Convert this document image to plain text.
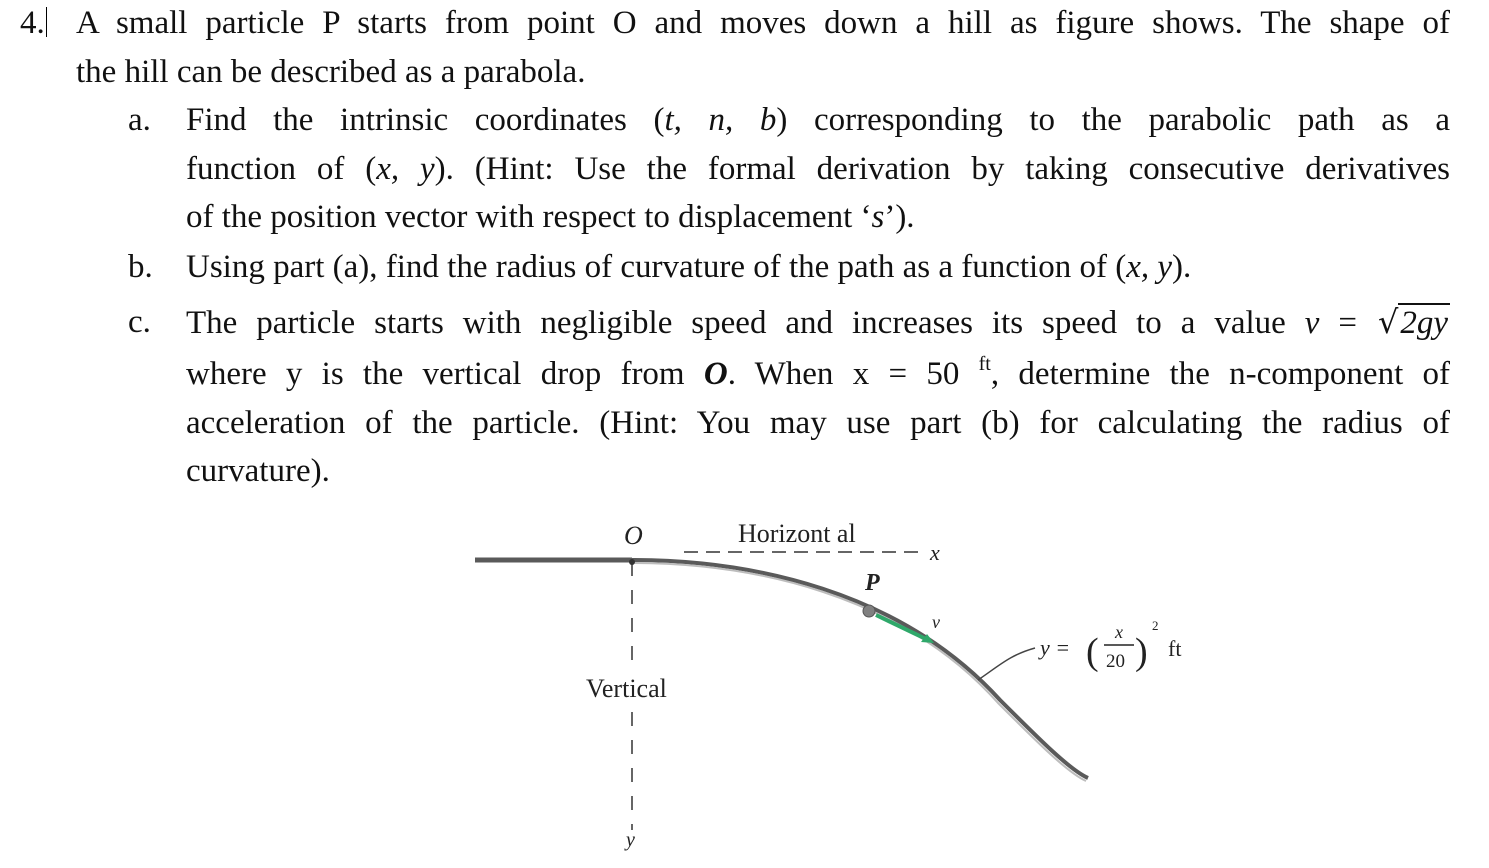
4. A small particle P starts from point O and moves down a hill as figure shows. The shape of
the hill can be described as a parabola.
a. Find the intrinsic coordinates (t, n, b) corresponding to the parabolic path as a
function of (x, y). (Hint: Use the formal derivation by taking consecutive derivatives
of the position vector with respect to displacement ‘s’).
b. Using part (a), find the radius of curvature of the path as a function of (x, y).
c. The particle starts with negligible speed and increases its speed to a value v = √2gy
where y is the vertical drop from O. When x = 50 $^{ft}$, determine the n-component of
acceleration of the particle. (Hint: You may use part (b) for calculating the radius of
curvature).
O	Horizont al
x
P
v
Vertical
y
y = ( x
20 )
2
ft
